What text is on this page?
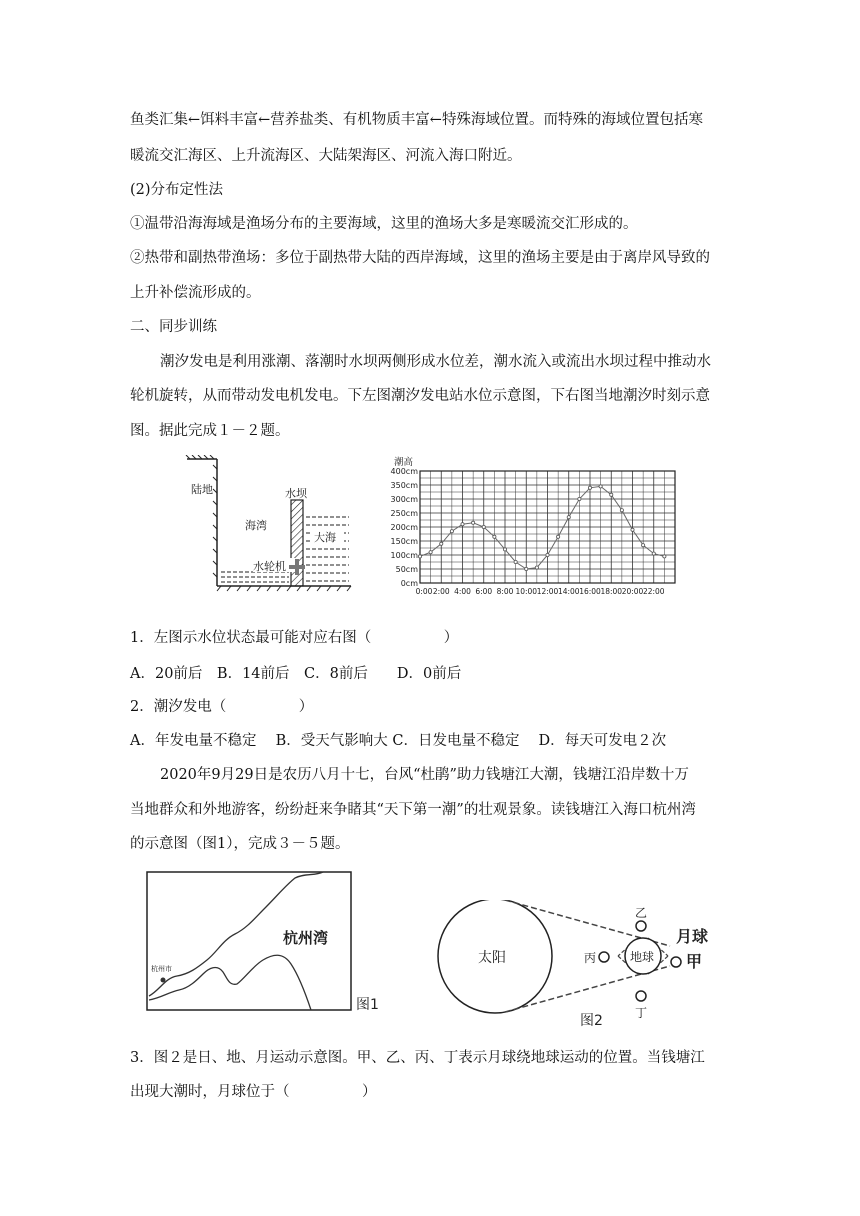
鱼类汇集←饵料丰富←营养盐类、有机物质丰富←特殊海域位置。而特殊的海域位置包括寒
暖流交汇海区、上升流海区、大陆架海区、河流入海口附近。
(2)分布定性法
①温带沿海海域是渔场分布的主要海域，这里的渔场大多是寒暖流交汇形成的。
②热带和副热带渔场：多位于副热带大陆的西岸海域，这里的渔场主要是由于离岸风导致的
上升补偿流形成的。
二、同步训练
潮汐发电是利用涨潮、落潮时水坝两侧形成水位差，潮水流入或流出水坝过程中推动水
轮机旋转，从而带动发电机发电。下左图潮汐发电站水位示意图，下右图当地潮汐时刻示意
图。据此完成１－２题。
陆地	水坝
海湾
大海
水轮机
潮高
400cm
350cm
300cm
250cm
200cm
150cm
100cm
50cm
0cm
0:00 2:00 4:00 6:00 8:00 10:00 12:00 14:00 16:00 18:00 20:00 22:00
1．左图示水位状态最可能对应右图（　　　　　）
A．20前后　B．14前后　C．8前后　　D．0前后
2．潮汐发电（　　　　　）
A．年发电量不稳定　 B．受天气影响大 C．日发电量不稳定　 D．每天可发电２次
2020年9月29日是农历八月十七，台风“杜鹃”助力钱塘江大潮，钱塘江沿岸数十万
当地群众和外地游客，纷纷赶来争睹其“天下第一潮”的壮观景象。读钱塘江入海口杭州湾
的示意图（图1），完成３－５题。
杭州市
杭州湾
图1
太阳	地球
乙
丙
丁
月球
甲
图2
3．图２是日、地、月运动示意图。甲、乙、丙、丁表示月球绕地球运动的位置。当钱塘江
出现大潮时，月球位于（　　　　　）
